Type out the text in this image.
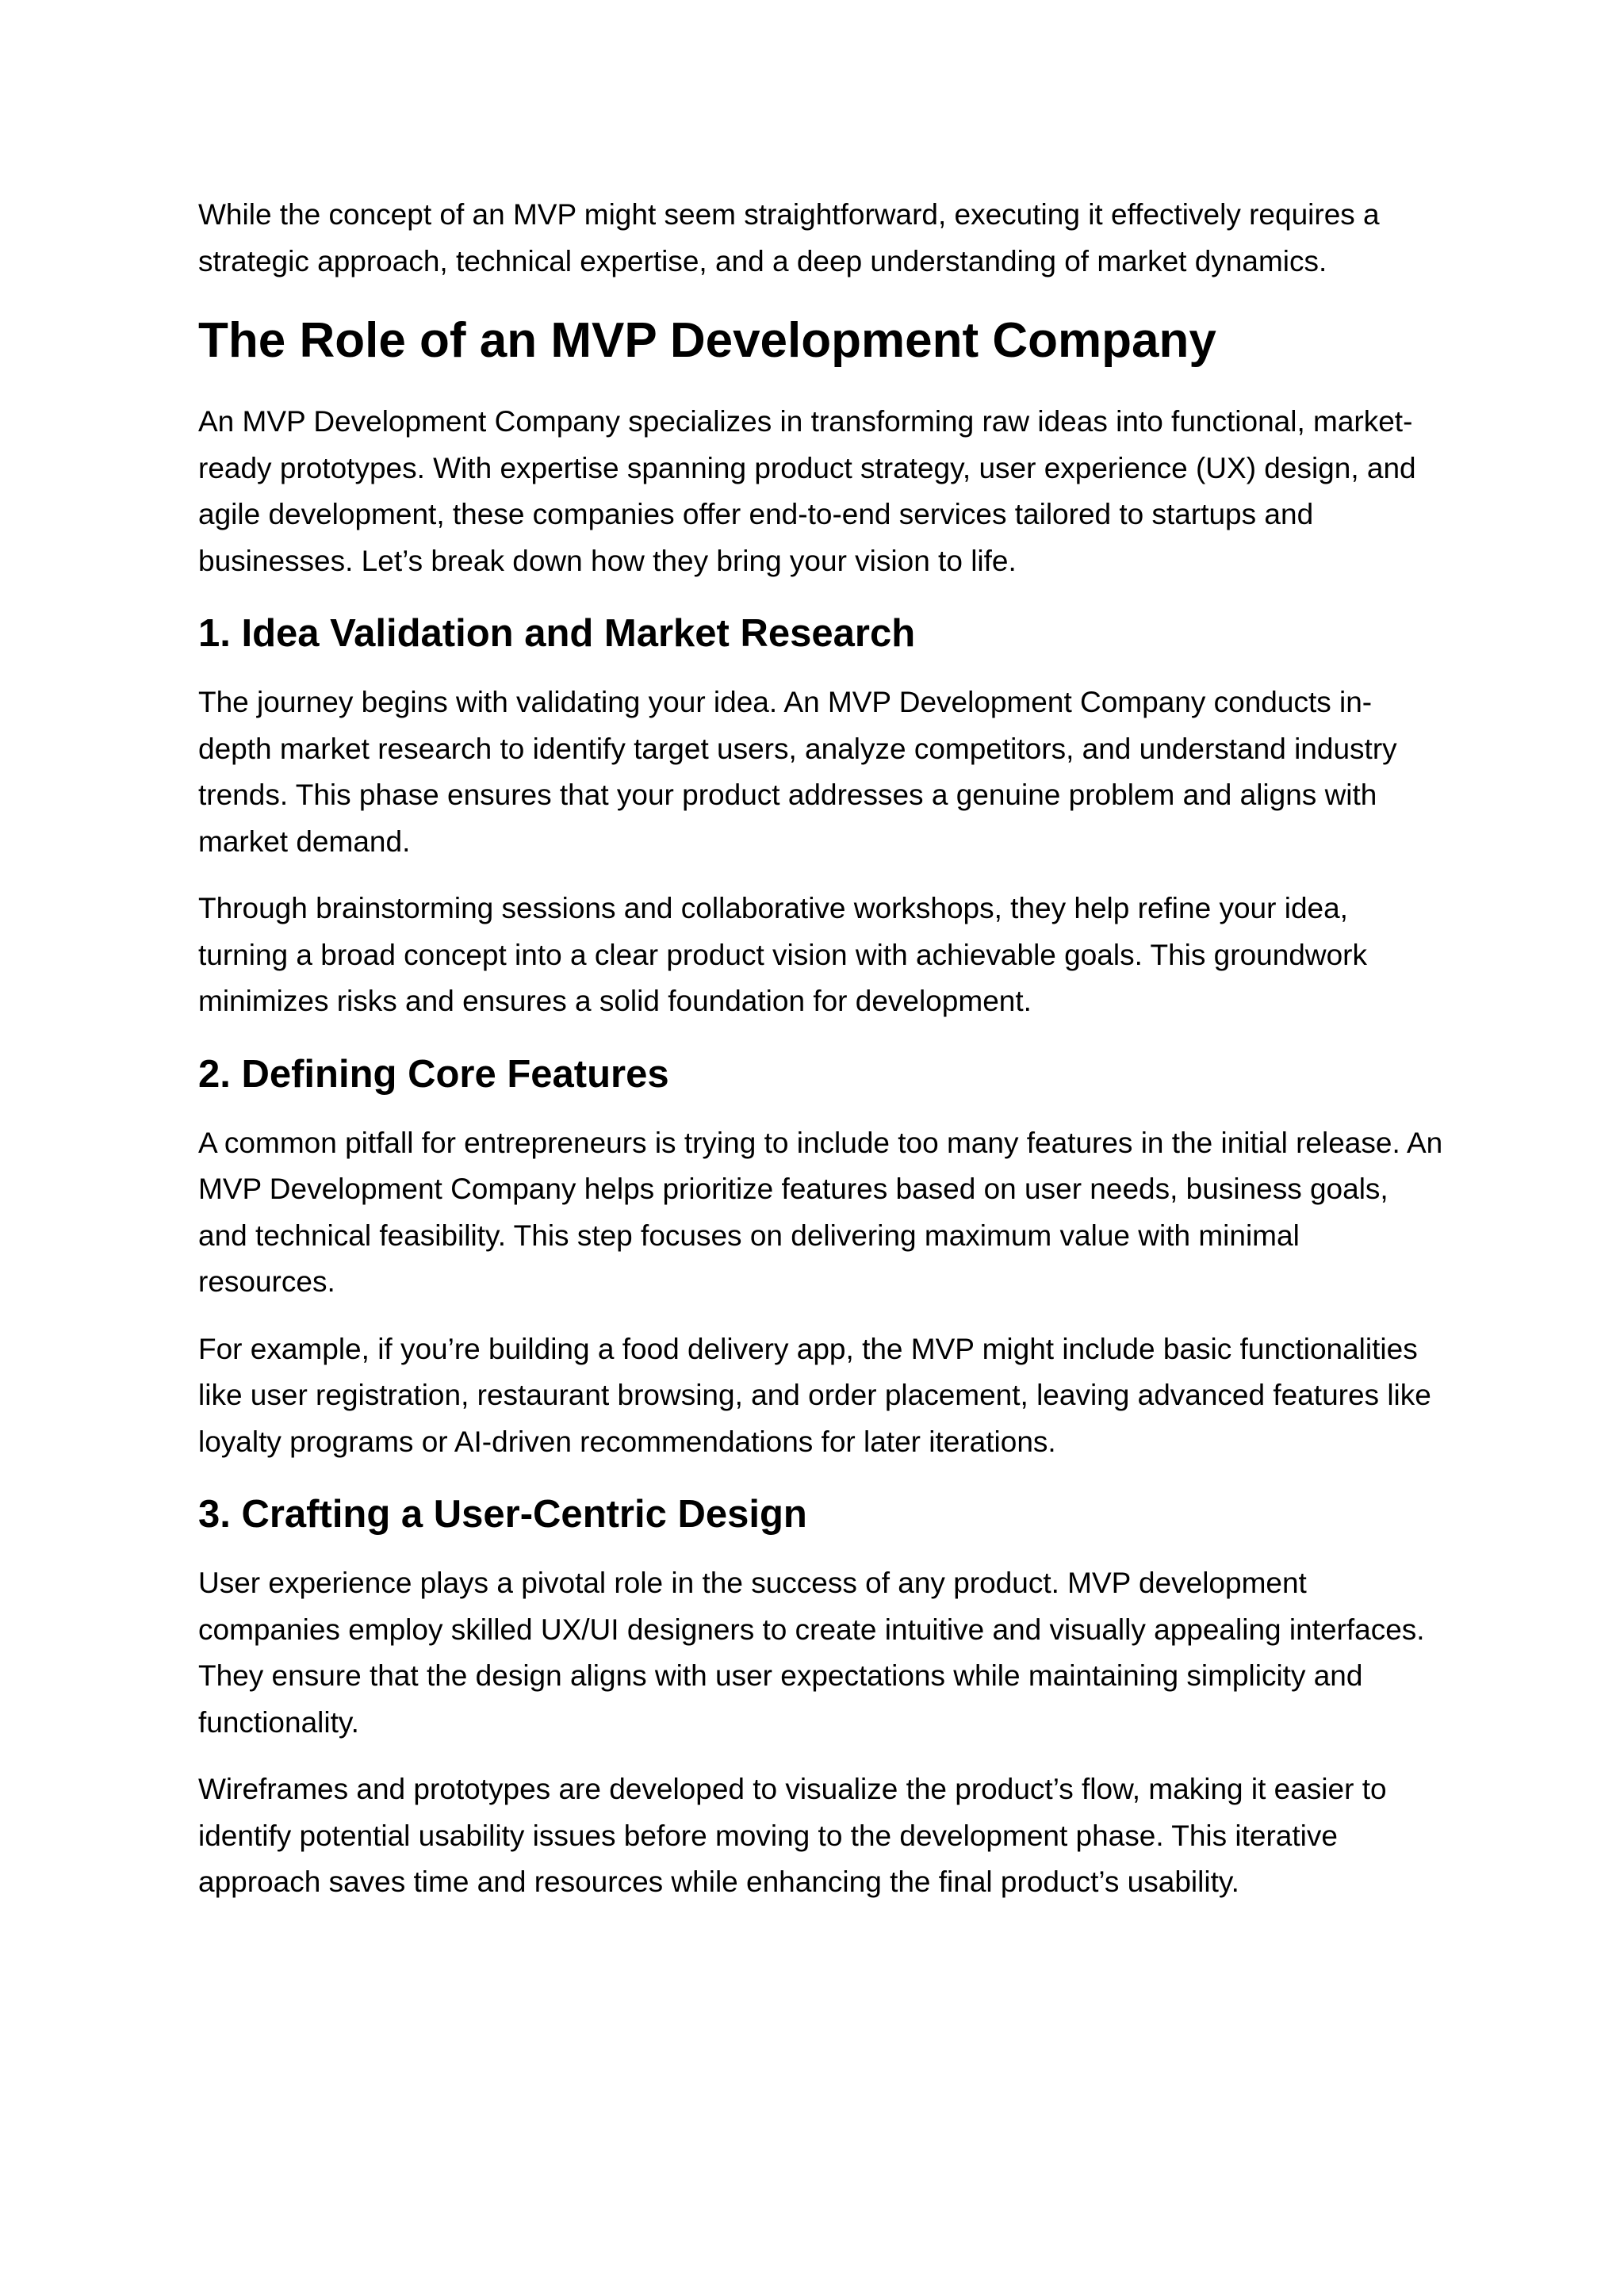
While the concept of an MVP might seem straightforward, executing it effectively requires a strategic approach, technical expertise, and a deep understanding of market dynamics.

The Role of an MVP Development Company

An MVP Development Company specializes in transforming raw ideas into functional, market-ready prototypes. With expertise spanning product strategy, user experience (UX) design, and agile development, these companies offer end-to-end services tailored to startups and businesses. Let’s break down how they bring your vision to life.

1. Idea Validation and Market Research

The journey begins with validating your idea. An MVP Development Company conducts in-depth market research to identify target users, analyze competitors, and understand industry trends. This phase ensures that your product addresses a genuine problem and aligns with market demand.

Through brainstorming sessions and collaborative workshops, they help refine your idea, turning a broad concept into a clear product vision with achievable goals. This groundwork minimizes risks and ensures a solid foundation for development.

2. Defining Core Features

A common pitfall for entrepreneurs is trying to include too many features in the initial release. An MVP Development Company helps prioritize features based on user needs, business goals, and technical feasibility. This step focuses on delivering maximum value with minimal resources.

For example, if you’re building a food delivery app, the MVP might include basic functionalities like user registration, restaurant browsing, and order placement, leaving advanced features like loyalty programs or AI-driven recommendations for later iterations.

3. Crafting a User-Centric Design

User experience plays a pivotal role in the success of any product. MVP development companies employ skilled UX/UI designers to create intuitive and visually appealing interfaces. They ensure that the design aligns with user expectations while maintaining simplicity and functionality.

Wireframes and prototypes are developed to visualize the product’s flow, making it easier to identify potential usability issues before moving to the development phase. This iterative approach saves time and resources while enhancing the final product’s usability.
